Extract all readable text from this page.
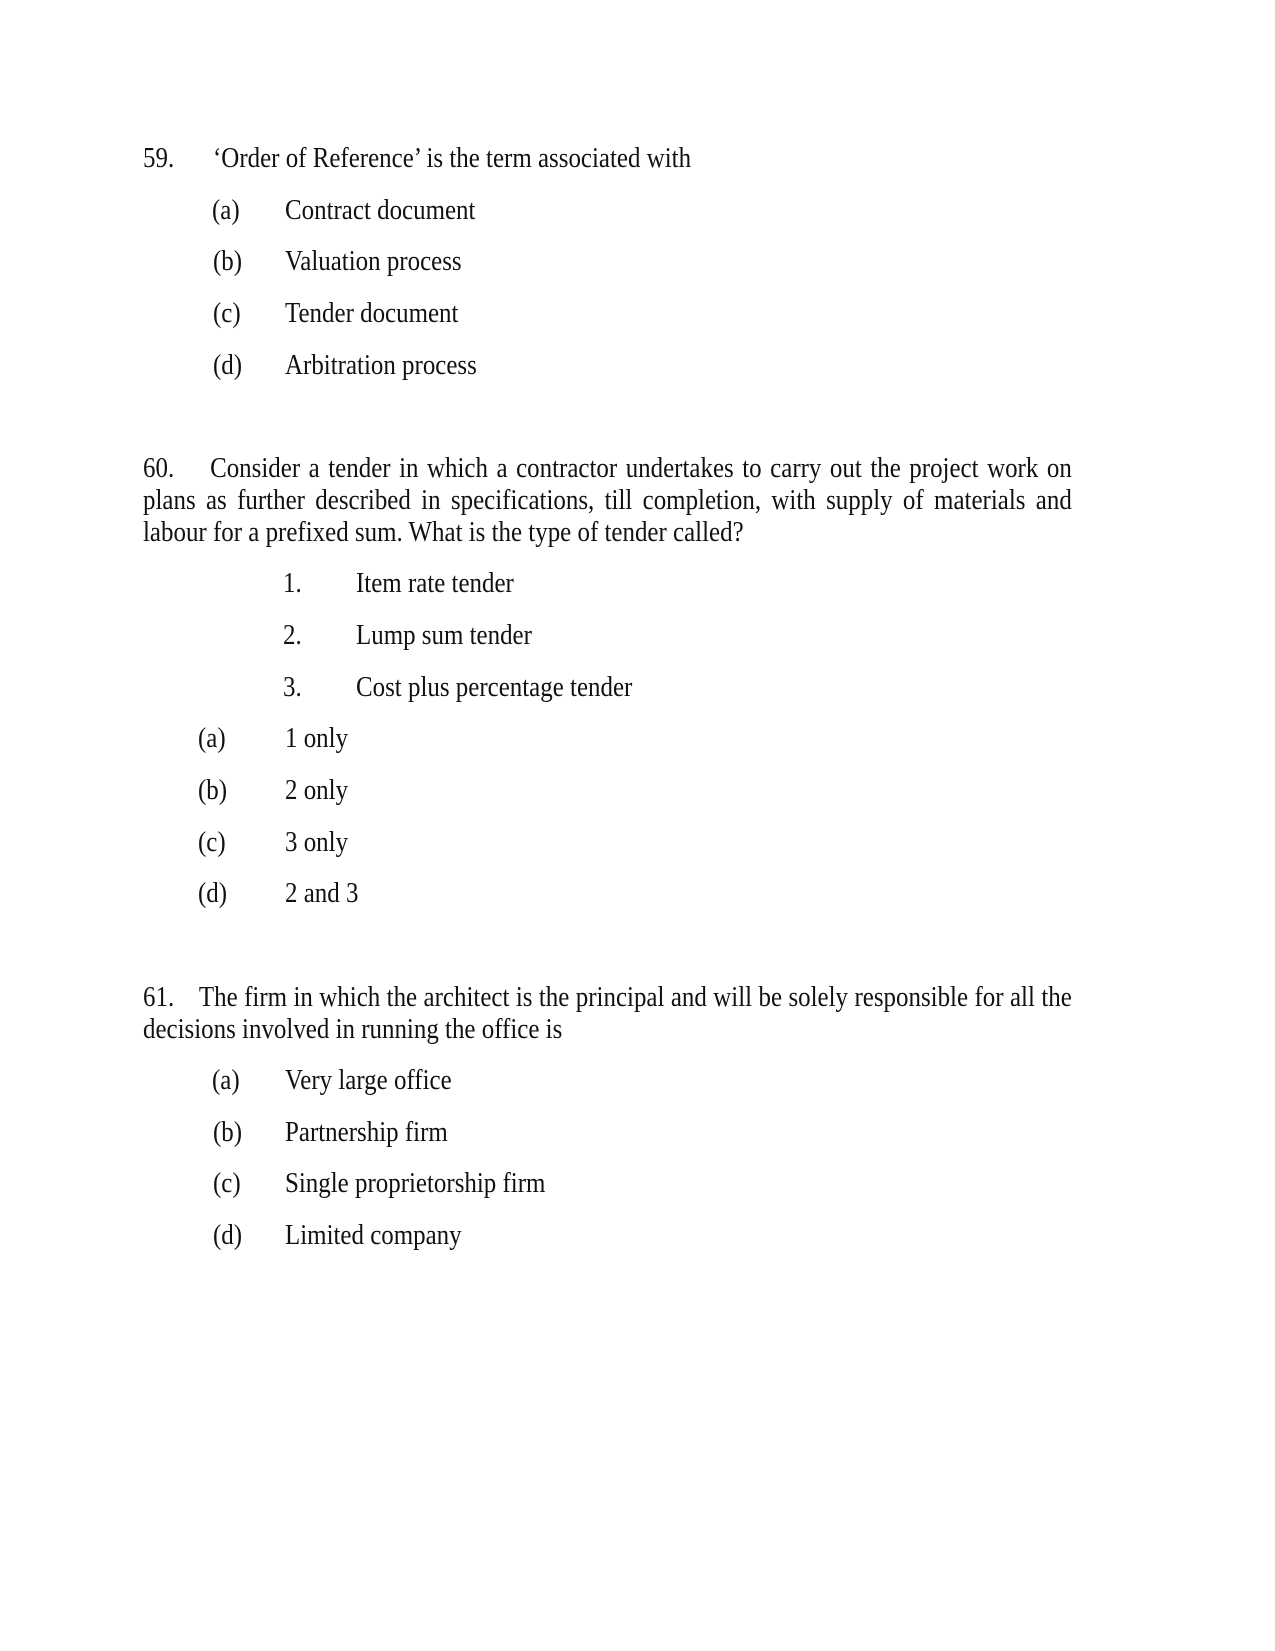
59. ‘Order of Reference’ is the term associated with
(a) Contract document
(b) Valuation process
(c) Tender document
(d) Arbitration process
60. Consider a tender in which a contractor undertakes to carry out the project work on plans as further described in specifications, till completion, with supply of materials and labour for a prefixed sum. What is the type of tender called?
1. Item rate tender
2. Lump sum tender
3. Cost plus percentage tender
(a) 1 only
(b) 2 only
(c) 3 only
(d) 2 and 3
61. The firm in which the architect is the principal and will be solely responsible for all the decisions involved in running the office is
(a) Very large office
(b) Partnership firm
(c) Single proprietorship firm
(d) Limited company
